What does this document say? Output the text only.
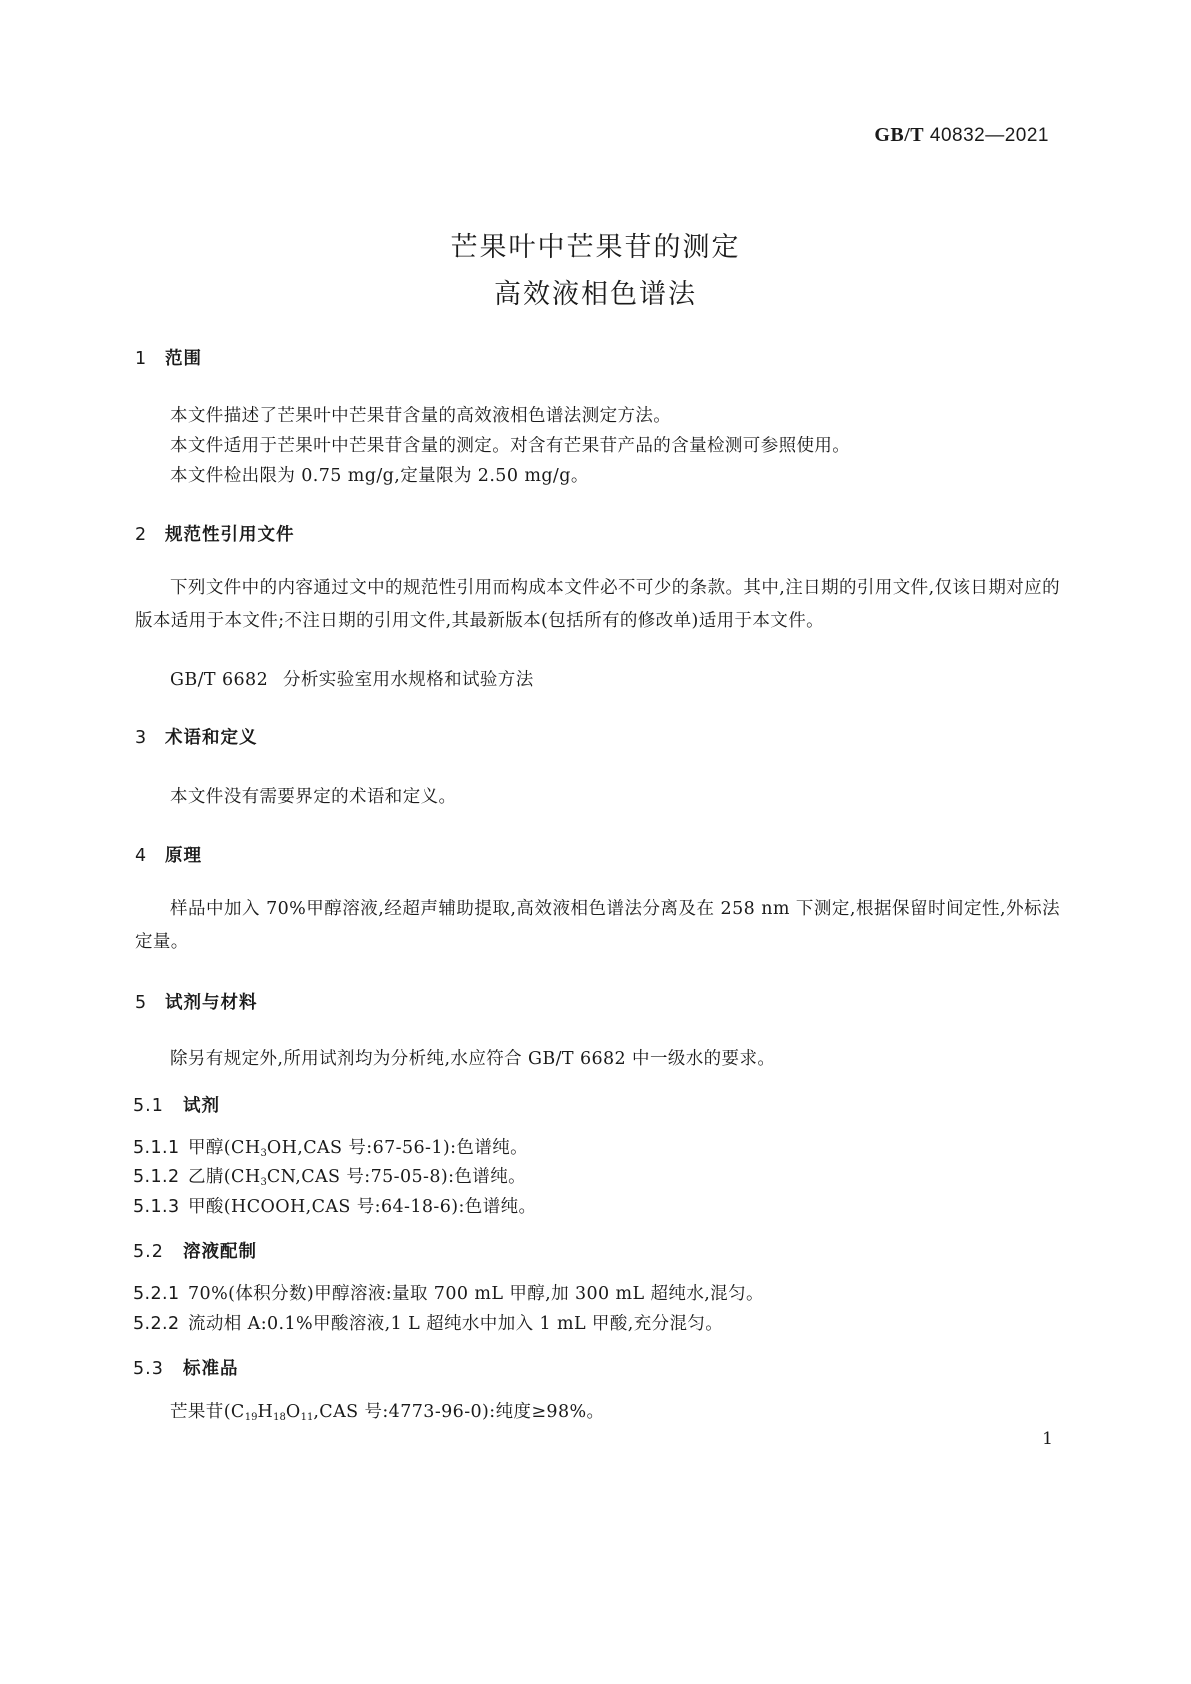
GB/T 40832—2021
芒果叶中芒果苷的测定
高效液相色谱法
1 范围
本文件描述了芒果叶中芒果苷含量的高效液相色谱法测定方法。
本文件适用于芒果叶中芒果苷含量的测定。对含有芒果苷产品的含量检测可参照使用。
本文件检出限为 0.75 mg/g,定量限为 2.50 mg/g。
2 规范性引用文件
下列文件中的内容通过文中的规范性引用而构成本文件必不可少的条款。其中,注日期的引用文件,仅该日期对应的版本适用于本文件;不注日期的引用文件,其最新版本(包括所有的修改单)适用于本文件。
GB/T 6682 分析实验室用水规格和试验方法
3 术语和定义
本文件没有需要界定的术语和定义。
4 原理
样品中加入 70%甲醇溶液,经超声辅助提取,高效液相色谱法分离及在 258 nm 下测定,根据保留时间定性,外标法定量。
5 试剂与材料
除另有规定外,所用试剂均为分析纯,水应符合 GB/T 6682 中一级水的要求。
5.1 试剂
5.1.1 甲醇($CH_3OH,CAS$ 号:67-56-1):色谱纯。
5.1.2 乙腈($CH_3CN,CAS$ 号:75-05-8):色谱纯。
5.1.3 甲酸(HCOOH,CAS 号:64-18-6):色谱纯。
5.2 溶液配制
5.2.1 70%(体积分数)甲醇溶液:量取 700 mL 甲醇,加 300 mL 超纯水,混匀。
5.2.2 流动相 A:0.1%甲酸溶液,1 L 超纯水中加入 1 mL 甲酸,充分混匀。
5.3 标准品
芒果苷($C_{19}H_{18}O_{11},CAS$ 号:4773-96-0):纯度≥98%。
1
